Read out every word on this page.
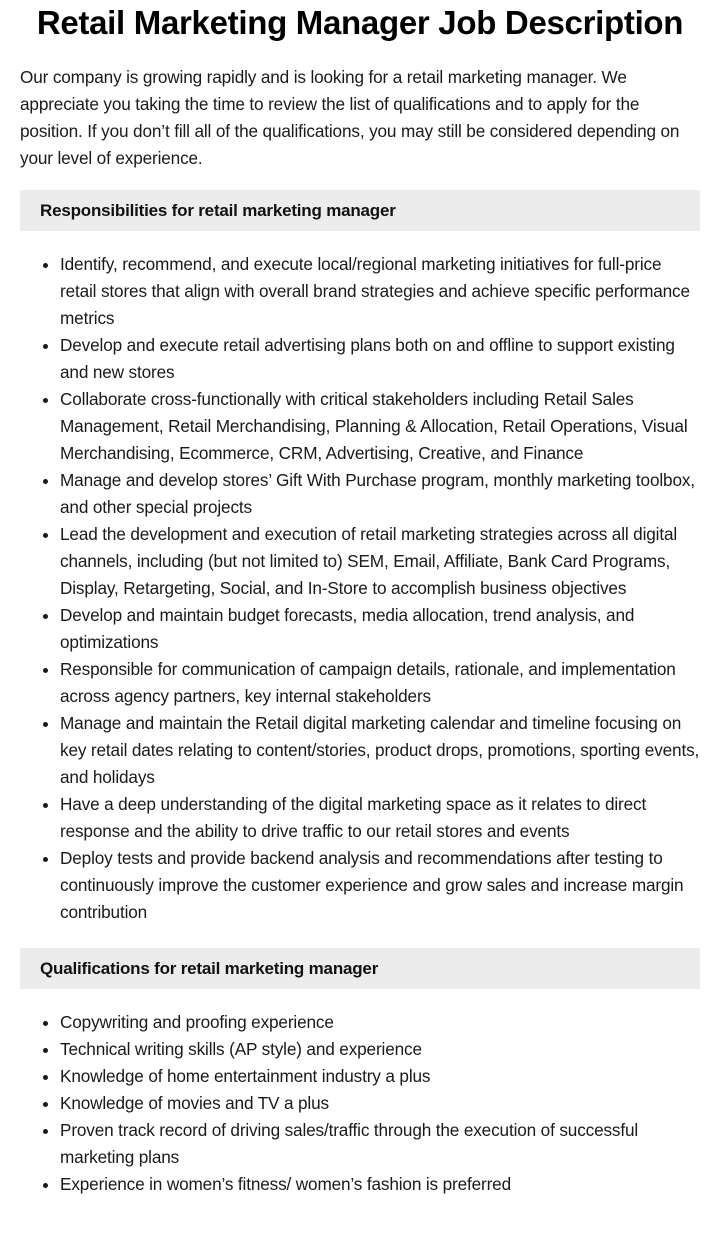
Retail Marketing Manager Job Description

Our company is growing rapidly and is looking for a retail marketing manager. We appreciate you taking the time to review the list of qualifications and to apply for the position. If you don’t fill all of the qualifications, you may still be considered depending on your level of experience.

Responsibilities for retail marketing manager
• Identify, recommend, and execute local/regional marketing initiatives for full-price retail stores that align with overall brand strategies and achieve specific performance metrics
• Develop and execute retail advertising plans both on and offline to support existing and new stores
• Collaborate cross-functionally with critical stakeholders including Retail Sales Management, Retail Merchandising, Planning & Allocation, Retail Operations, Visual Merchandising, Ecommerce, CRM, Advertising, Creative, and Finance
• Manage and develop stores’ Gift With Purchase program, monthly marketing toolbox, and other special projects
• Lead the development and execution of retail marketing strategies across all digital channels, including (but not limited to) SEM, Email, Affiliate, Bank Card Programs, Display, Retargeting, Social, and In-Store to accomplish business objectives
• Develop and maintain budget forecasts, media allocation, trend analysis, and optimizations
• Responsible for communication of campaign details, rationale, and implementation across agency partners, key internal stakeholders
• Manage and maintain the Retail digital marketing calendar and timeline focusing on key retail dates relating to content/stories, product drops, promotions, sporting events, and holidays
• Have a deep understanding of the digital marketing space as it relates to direct response and the ability to drive traffic to our retail stores and events
• Deploy tests and provide backend analysis and recommendations after testing to continuously improve the customer experience and grow sales and increase margin contribution
Qualifications for retail marketing manager
• Copywriting and proofing experience
• Technical writing skills (AP style) and experience
• Knowledge of home entertainment industry a plus
• Knowledge of movies and TV a plus
• Proven track record of driving sales/traffic through the execution of successful marketing plans
• Experience in women’s fitness/ women’s fashion is preferred
